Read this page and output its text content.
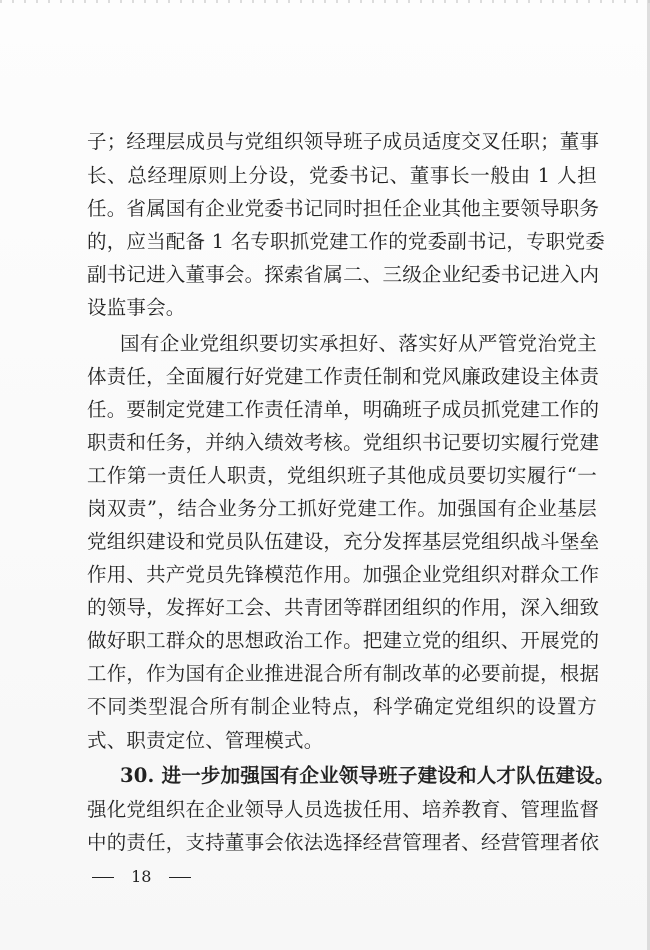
子；经理层成员与党组织领导班子成员适度交叉任职；董事
长、总经理原则上分设，党委书记、董事长一般由 1 人担
任。省属国有企业党委书记同时担任企业其他主要领导职务
的，应当配备 1 名专职抓党建工作的党委副书记，专职党委
副书记进入董事会。探索省属二、三级企业纪委书记进入内
设监事会。
国有企业党组织要切实承担好、落实好从严管党治党主
体责任，全面履行好党建工作责任制和党风廉政建设主体责
任。要制定党建工作责任清单，明确班子成员抓党建工作的
职责和任务，并纳入绩效考核。党组织书记要切实履行党建
工作第一责任人职责，党组织班子其他成员要切实履行“一
岗双责”，结合业务分工抓好党建工作。加强国有企业基层
党组织建设和党员队伍建设，充分发挥基层党组织战斗堡垒
作用、共产党员先锋模范作用。加强企业党组织对群众工作
的领导，发挥好工会、共青团等群团组织的作用，深入细致
做好职工群众的思想政治工作。把建立党的组织、开展党的
工作，作为国有企业推进混合所有制改革的必要前提，根据
不同类型混合所有制企业特点，科学确定党组织的设置方
式、职责定位、管理模式。
30. 进一步加强国有企业领导班子建设和人才队伍建设。
强化党组织在企业领导人员选拔任用、培养教育、管理监督
中的责任，支持董事会依法选择经营管理者、经营管理者依
18
